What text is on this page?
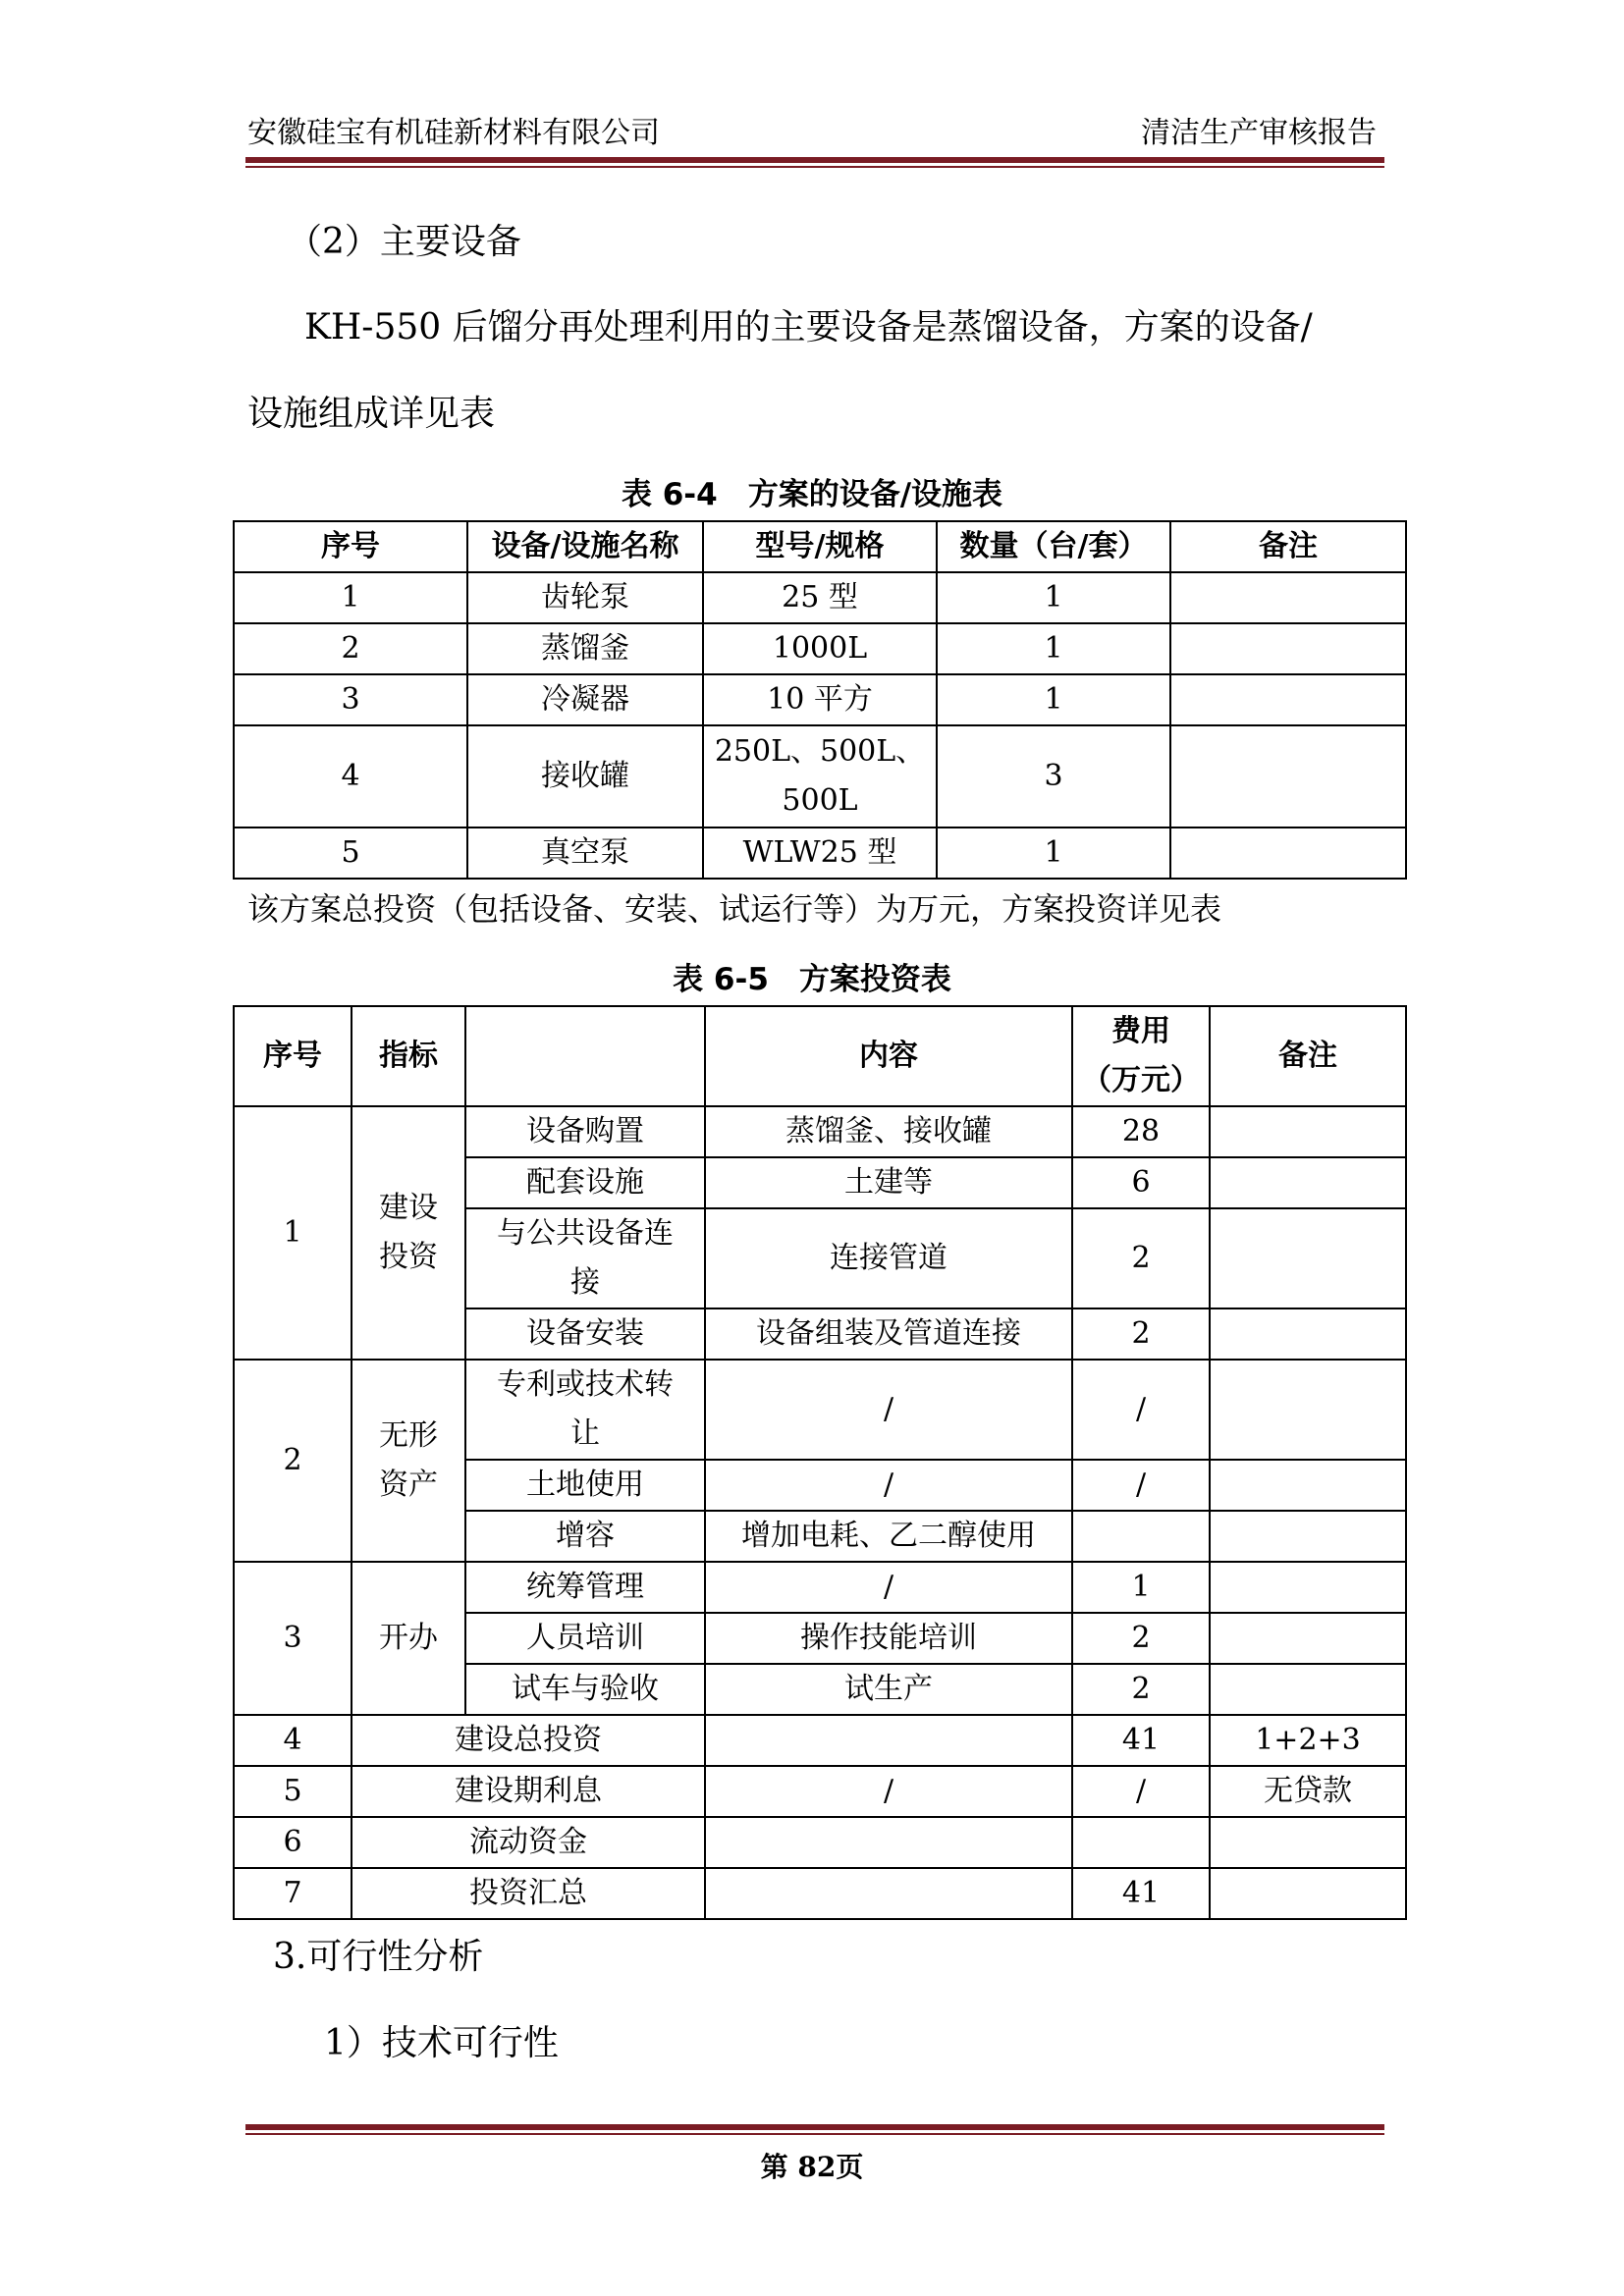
安徽硅宝有机硅新材料有限公司	清洁生产审核报告
（2）主要设备
KH-550 后馏分再处理利用的主要设备是蒸馏设备，方案的设备/
设施组成详见表
表 6-4　方案的设备/设施表
序号	设备/设施名称	型号/规格	数量（台/套）	备注
1	齿轮泵	25 型	1	
2	蒸馏釜	1000L	1	
3	冷凝器	10 平方	1	
4	接收罐	250L、500L、
500L	3	
5	真空泵	WLW25 型	1	
该方案总投资（包括设备、安装、试运行等）为万元，方案投资详见表
表 6-5　方案投资表
序号	指标		内容	费用
（万元）	备注
1	建设
投资	设备购置	蒸馏釜、接收罐	28	
		配套设施	土建等	6	
		与公共设备连
接	连接管道	2	
		设备安装	设备组装及管道连接	2	
2	无形
资产	专利或技术转
让	/	/	
		土地使用	/	/	
		增容	增加电耗、乙二醇使用		
3	开办	统筹管理	/	1	
		人员培训	操作技能培训	2	
		试车与验收	试生产	2	
4	建设总投资			41	1+2+3
5	建设期利息		/	/	无贷款
6	流动资金				
7	投资汇总			41	
3.可行性分析
1）技术可行性
第 82页
